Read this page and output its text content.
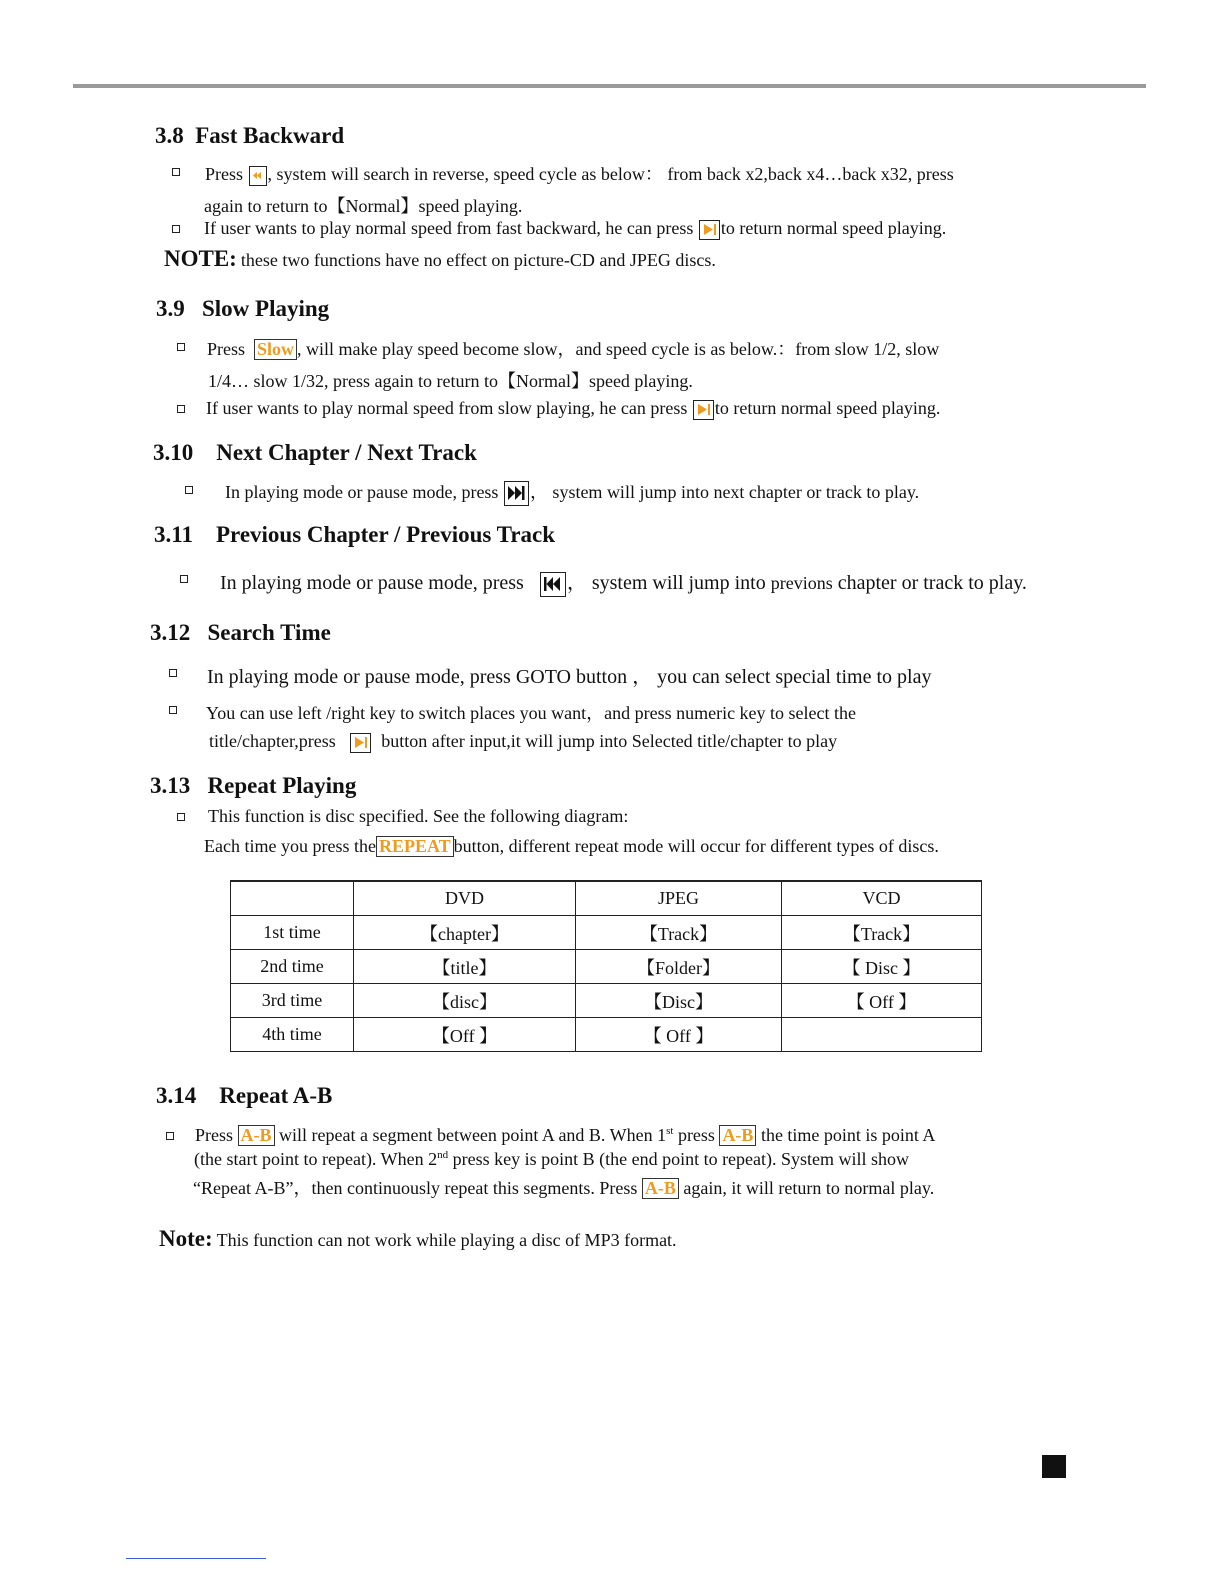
3.8 Fast Backward
Press , system will search in reverse, speed cycle as below： from back x2,back x4…back x32, press
again to return to【Normal】speed playing.
If user wants to play normal speed from fast backward, he can press to return normal speed playing.
NOTE: these two functions have no effect on picture-CD and JPEG discs.
3.9 Slow Playing
Press Slow , will make play speed become slow，and speed cycle is as below.：from slow 1/2, slow
1/4… slow 1/32, press again to return to【Normal】speed playing.
If user wants to play normal speed from slow playing, he can press to return normal speed playing.
3.10 Next Chapter / Next Track
In playing mode or pause mode, press ， system will jump into next chapter or track to play.
3.11 Previous Chapter / Previous Track
In playing mode or pause mode, press ， system will jump into previons chapter or track to play.
3.12 Search Time
In playing mode or pause mode, press GOTO button ， you can select special time to play
You can use left /right key to switch places you want，and press numeric key to select the
title/chapter,press	button after input,it will jump into Selected title/chapter to play
3.13 Repeat Playing
This function is disc specified. See the following diagram:
Each time you press the REPEAT button, different repeat mode will occur for different types of discs.
	DVD	JPEG	VCD
1st time	【chapter】	【Track】	【Track】
2nd time	【title】	【Folder】	【 Disc 】
3rd time	【disc】	【Disc】	【 Off 】
4th time	【Off 】	【 Off 】	
3.14 Repeat A-B
Press A-B will repeat a segment between point A and B. When 1st press A-B the time point is point A
(the start point to repeat). When 2nd press key is point B (the end point to repeat). System will show
“Repeat A-B”，then continuously repeat this segments. Press A-B again, it will return to normal play.
Note: This function can not work while playing a disc of MP3 format.
